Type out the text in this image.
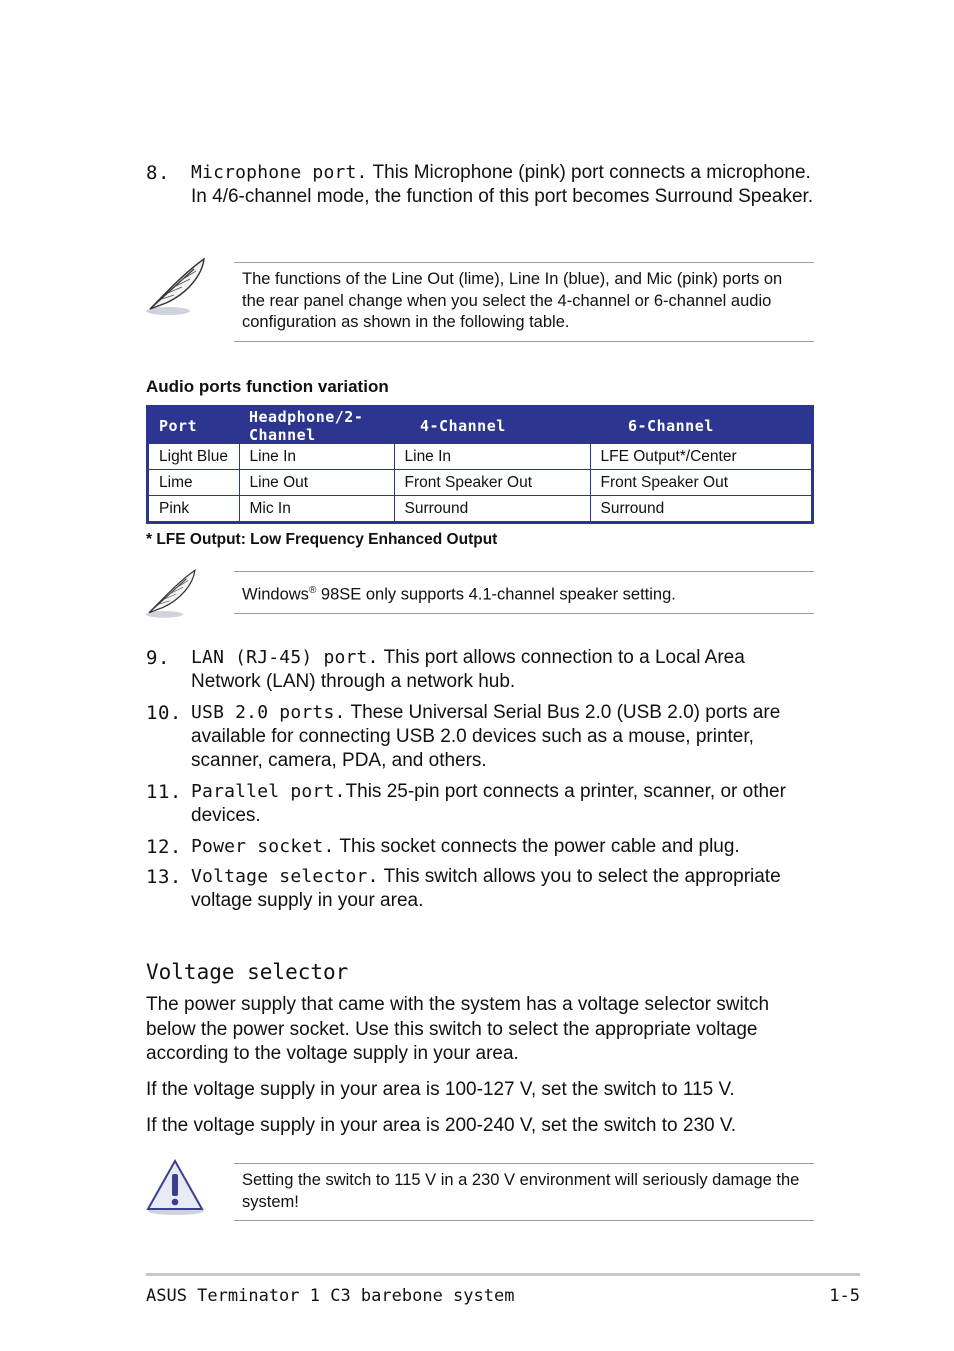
8. Microphone port. This Microphone (pink) port connects a microphone. In 4/6-channel mode, the function of this port becomes Surround Speaker.
The functions of the Line Out (lime), Line In (blue), and Mic (pink) ports on the rear panel change when you select the 4-channel or 6-channel audio configuration as shown in the following table.
Audio ports function variation
Port	Headphone/2-Channel	4-Channel	6-Channel
Light Blue	Line In	Line In	LFE Output*/Center
Lime	Line Out	Front Speaker Out	Front Speaker Out
Pink	Mic In	Surround	Surround
* LFE Output: Low Frequency Enhanced Output
Windows® 98SE only supports 4.1-channel speaker setting.
9. LAN (RJ-45) port. This port allows connection to a Local Area Network (LAN) through a network hub.
10. USB 2.0 ports. These Universal Serial Bus 2.0 (USB 2.0) ports are available for connecting USB 2.0 devices such as a mouse, printer, scanner, camera, PDA, and others.
11. Parallel port.This 25-pin port connects a printer, scanner, or other devices.
12. Power socket. This socket connects the power cable and plug.
13. Voltage selector. This switch allows you to select the appropriate voltage supply in your area.
Voltage selector
The power supply that came with the system has a voltage selector switch below the power socket. Use this switch to select the appropriate voltage according to the voltage supply in your area.
If the voltage supply in your area is 100-127 V, set the switch to 115 V.
If the voltage supply in your area is 200-240 V, set the switch to 230 V.
Setting the switch to 115 V in a 230 V environment will seriously damage the system!
ASUS Terminator 1 C3 barebone system	1-5
